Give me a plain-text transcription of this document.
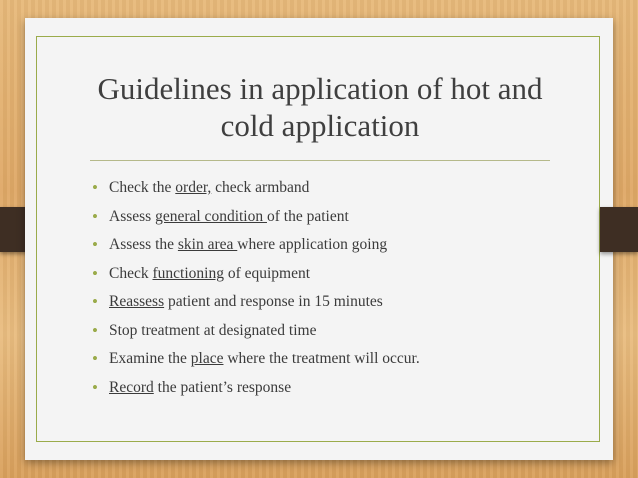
Guidelines in application of hot and
cold application
• Check the order, check armband
• Assess general condition of the patient
• Assess the skin area where application going
• Check functioning of equipment
• Reassess patient and response in 15 minutes
• Stop treatment at designated time
• Examine the place where the treatment will occur.
• Record the patient’s response
